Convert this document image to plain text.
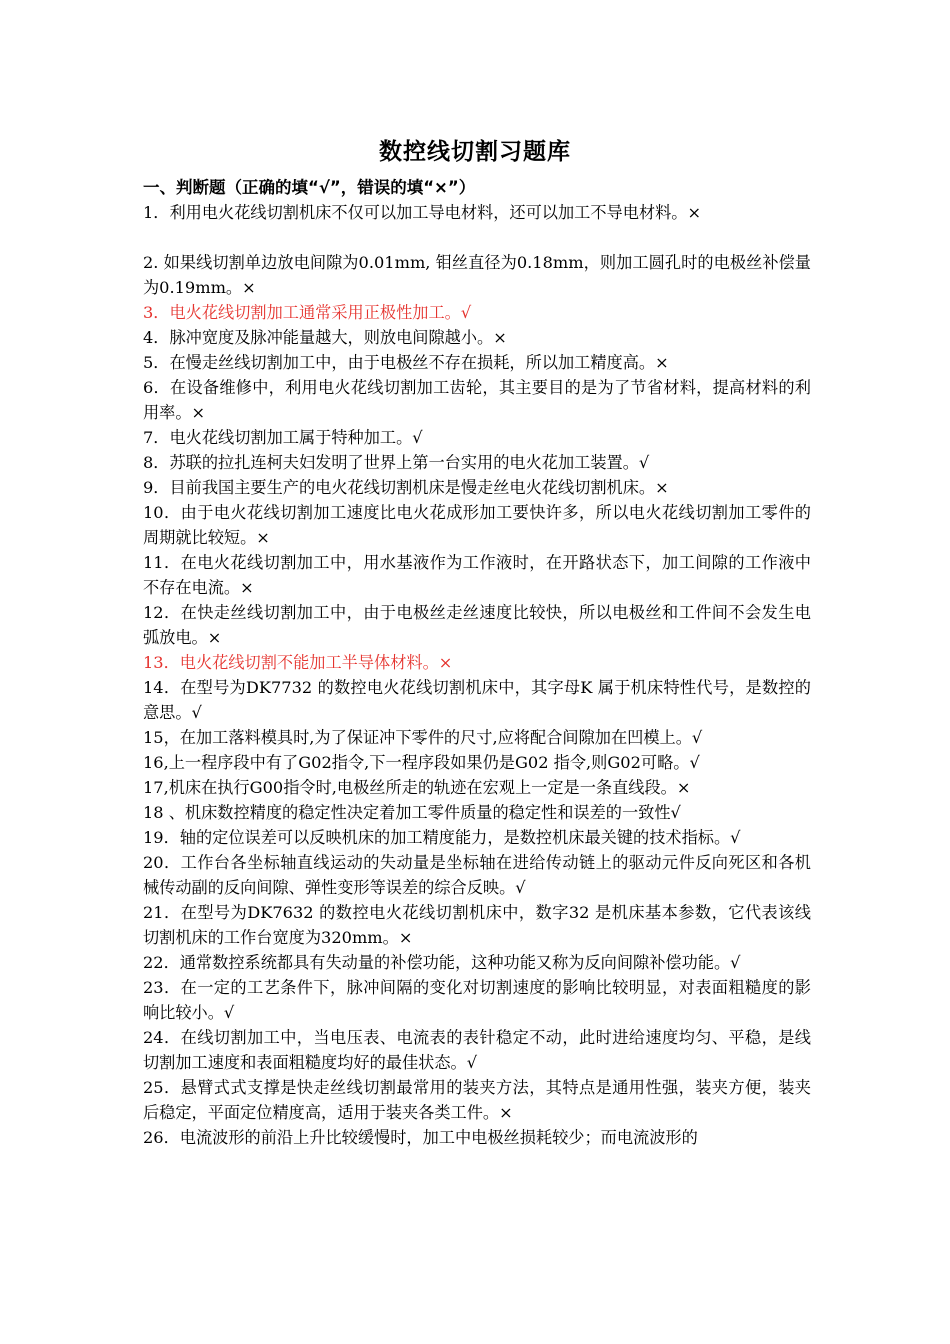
数控线切割习题库
一、判断题（正确的填“√”，错误的填“×”）
1．利用电火花线切割机床不仅可以加工导电材料，还可以加工不导电材料。×
2. 如果线切割单边放电间隙为0.01mm, 钼丝直径为0.18mm，则加工圆孔时的电极丝补偿量为0.19mm。×
3．电火花线切割加工通常采用正极性加工。√
4．脉冲宽度及脉冲能量越大，则放电间隙越小。×
5．在慢走丝线切割加工中，由于电极丝不存在损耗，所以加工精度高。×
6．在设备维修中，利用电火花线切割加工齿轮，其主要目的是为了节省材料，提高材料的利用率。×
7．电火花线切割加工属于特种加工。√
8．苏联的拉扎连柯夫妇发明了世界上第一台实用的电火花加工装置。√
9．目前我国主要生产的电火花线切割机床是慢走丝电火花线切割机床。×
10．由于电火花线切割加工速度比电火花成形加工要快许多，所以电火花线切割加工零件的周期就比较短。×
11．在电火花线切割加工中，用水基液作为工作液时，在开路状态下，加工间隙的工作液中不存在电流。×
12．在快走丝线切割加工中，由于电极丝走丝速度比较快，所以电极丝和工件间不会发生电弧放电。×
13．电火花线切割不能加工半导体材料。×
14．在型号为DK7732 的数控电火花线切割机床中，其字母K 属于机床特性代号，是数控的意思。√
15，在加工落料模具时,为了保证冲下零件的尺寸,应将配合间隙加在凹模上。√
16,上一程序段中有了G02指令,下一程序段如果仍是G02 指令,则G02可略。√
17,机床在执行G00指令时,电极丝所走的轨迹在宏观上一定是一条直线段。×
18 、机床数控精度的稳定性决定着加工零件质量的稳定性和误差的一致性√
19．轴的定位误差可以反映机床的加工精度能力，是数控机床最关键的技术指标。√
20．工作台各坐标轴直线运动的失动量是坐标轴在进给传动链上的驱动元件反向死区和各机械传动副的反向间隙、弹性变形等误差的综合反映。√
21．在型号为DK7632 的数控电火花线切割机床中，数字32 是机床基本参数，它代表该线切割机床的工作台宽度为320mm。×
22．通常数控系统都具有失动量的补偿功能，这种功能又称为反向间隙补偿功能。√
23．在一定的工艺条件下，脉冲间隔的变化对切割速度的影响比较明显，对表面粗糙度的影响比较小。√
24．在线切割加工中，当电压表、电流表的表针稳定不动，此时进给速度均匀、平稳，是线切割加工速度和表面粗糙度均好的最佳状态。√
25．悬臂式式支撑是快走丝线切割最常用的装夹方法，其特点是通用性强，装夹方便，装夹后稳定，平面定位精度高，适用于装夹各类工件。×
26．电流波形的前沿上升比较缓慢时，加工中电极丝损耗较少；而电流波形的
